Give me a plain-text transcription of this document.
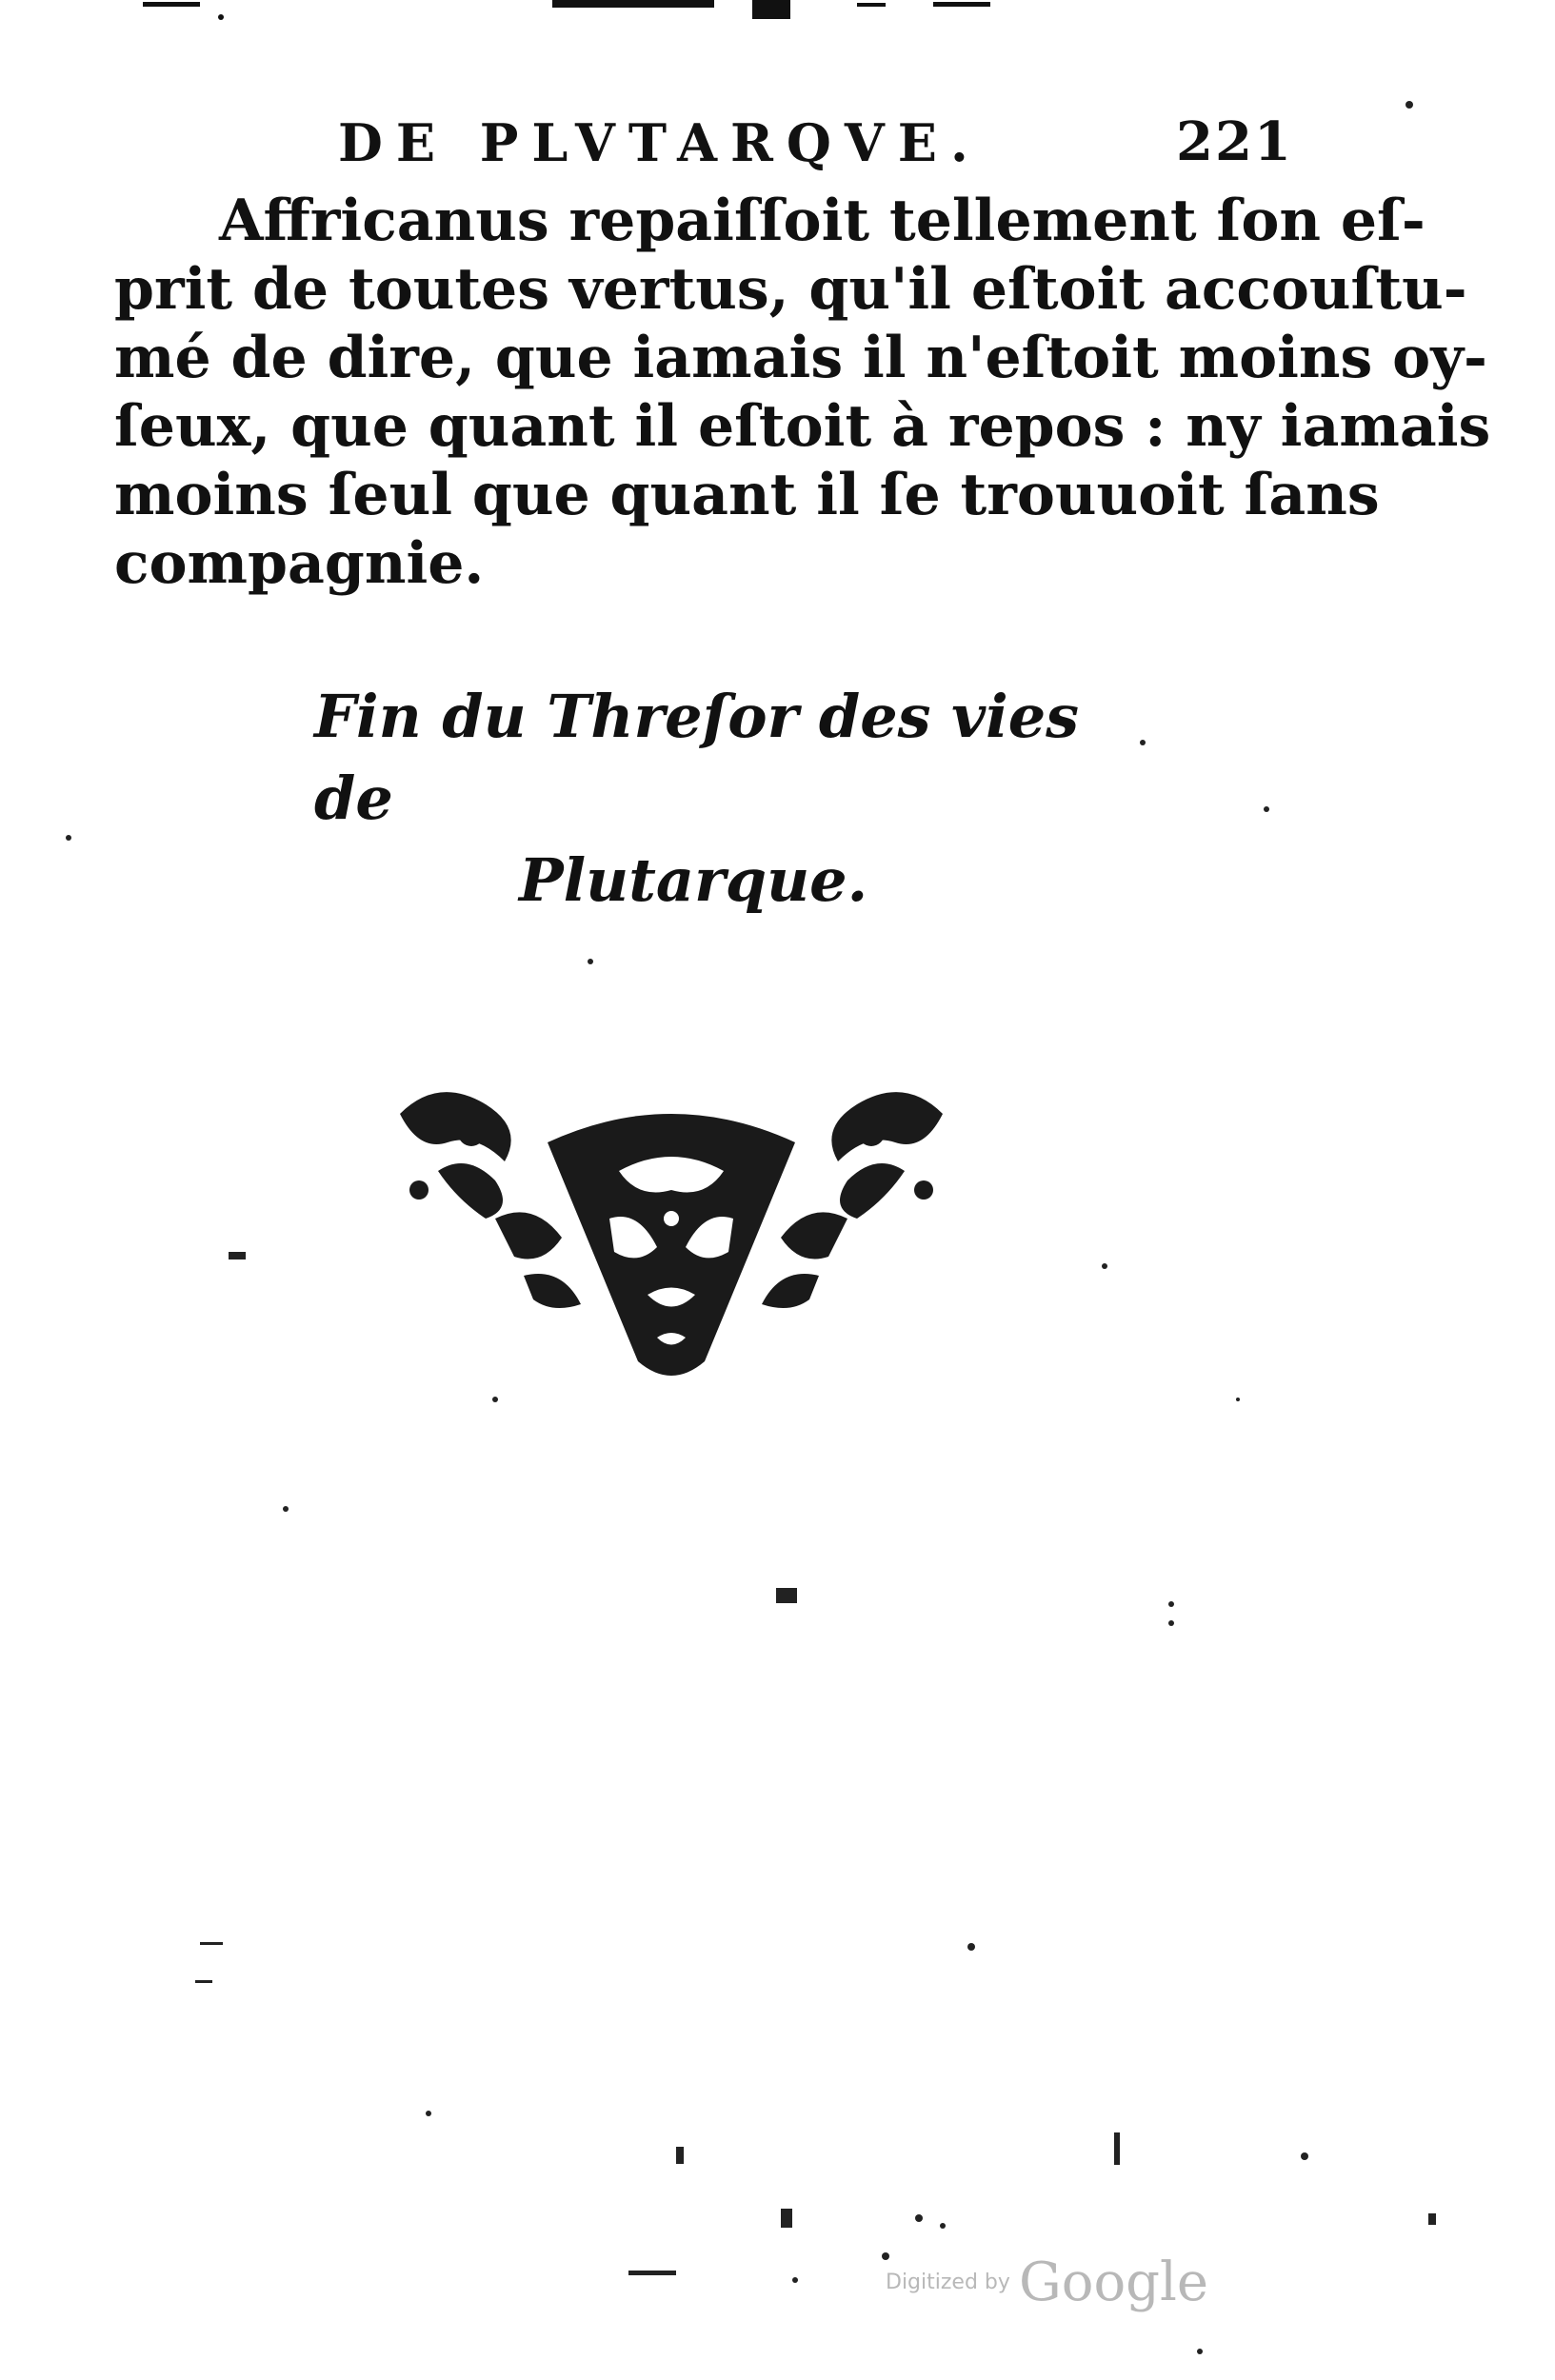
DE PLVTARQVE.	221
Affricanus repaiſſoit tellement ſon eſ-
prit de toutes vertus, qu'il eſtoit accouſtu-
mé de dire, que iamais il n'eſtoit moins oy-
ſeux, que quant il eſtoit à repos : ny iamais
moins ſeul que quant il ſe trouuoit ſans
compagnie.
Fin du Threſor des vies de
Plutarque.
Digitized by Google
